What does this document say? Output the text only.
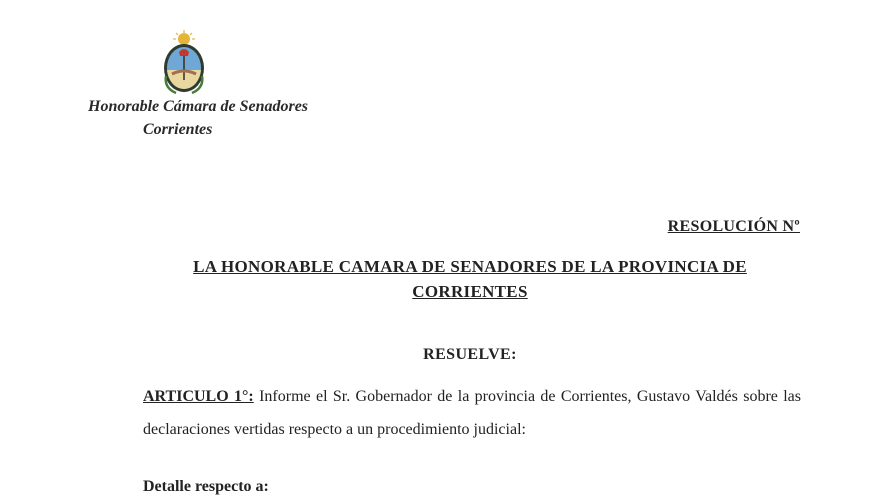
Honorable Cámara de Senadores
Corrientes
RESOLUCIÓN Nº
LA HONORABLE CAMARA DE SENADORES DE LA PROVINCIA DE
CORRIENTES
RESUELVE:
ARTICULO 1°: Informe el Sr. Gobernador de la provincia de Corrientes, Gustavo Valdés sobre las declaraciones vertidas respecto a un procedimiento judicial:
Detalle respecto a:
